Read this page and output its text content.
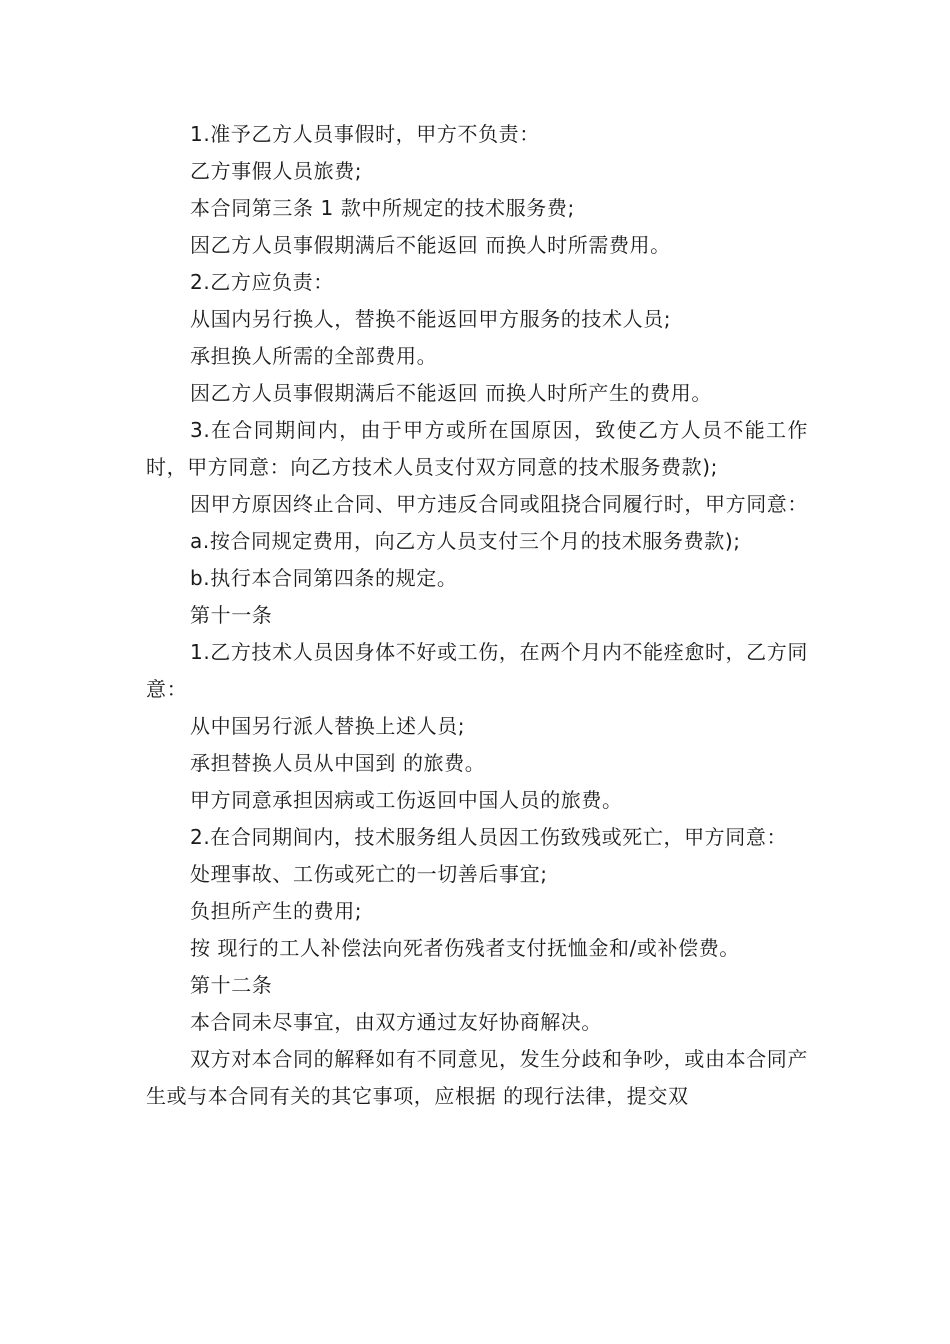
1.准予乙方人员事假时，甲方不负责：

乙方事假人员旅费;

本合同第三条 1 款中所规定的技术服务费;

因乙方人员事假期满后不能返回 而换人时所需费用。

2.乙方应负责：

从国内另行换人，替换不能返回甲方服务的技术人员;

承担换人所需的全部费用。

因乙方人员事假期满后不能返回 而换人时所产生的费用。

3.在合同期间内，由于甲方或所在国原因，致使乙方人员不能工作时，甲方同意：向乙方技术人员支付双方同意的技术服务费款);

因甲方原因终止合同、甲方违反合同或阻挠合同履行时，甲方同意：

a.按合同规定费用，向乙方人员支付三个月的技术服务费款);

b.执行本合同第四条的规定。

第十一条

1.乙方技术人员因身体不好或工伤，在两个月内不能痊愈时，乙方同意：

从中国另行派人替换上述人员;

承担替换人员从中国到 的旅费。

甲方同意承担因病或工伤返回中国人员的旅费。

2.在合同期间内，技术服务组人员因工伤致残或死亡，甲方同意：

处理事故、工伤或死亡的一切善后事宜;

负担所产生的费用;

按 现行的工人补偿法向死者伤残者支付抚恤金和/或补偿费。

第十二条

本合同未尽事宜，由双方通过友好协商解决。

双方对本合同的解释如有不同意见，发生分歧和争吵，或由本合同产生或与本合同有关的其它事项，应根据 的现行法律，提交双
